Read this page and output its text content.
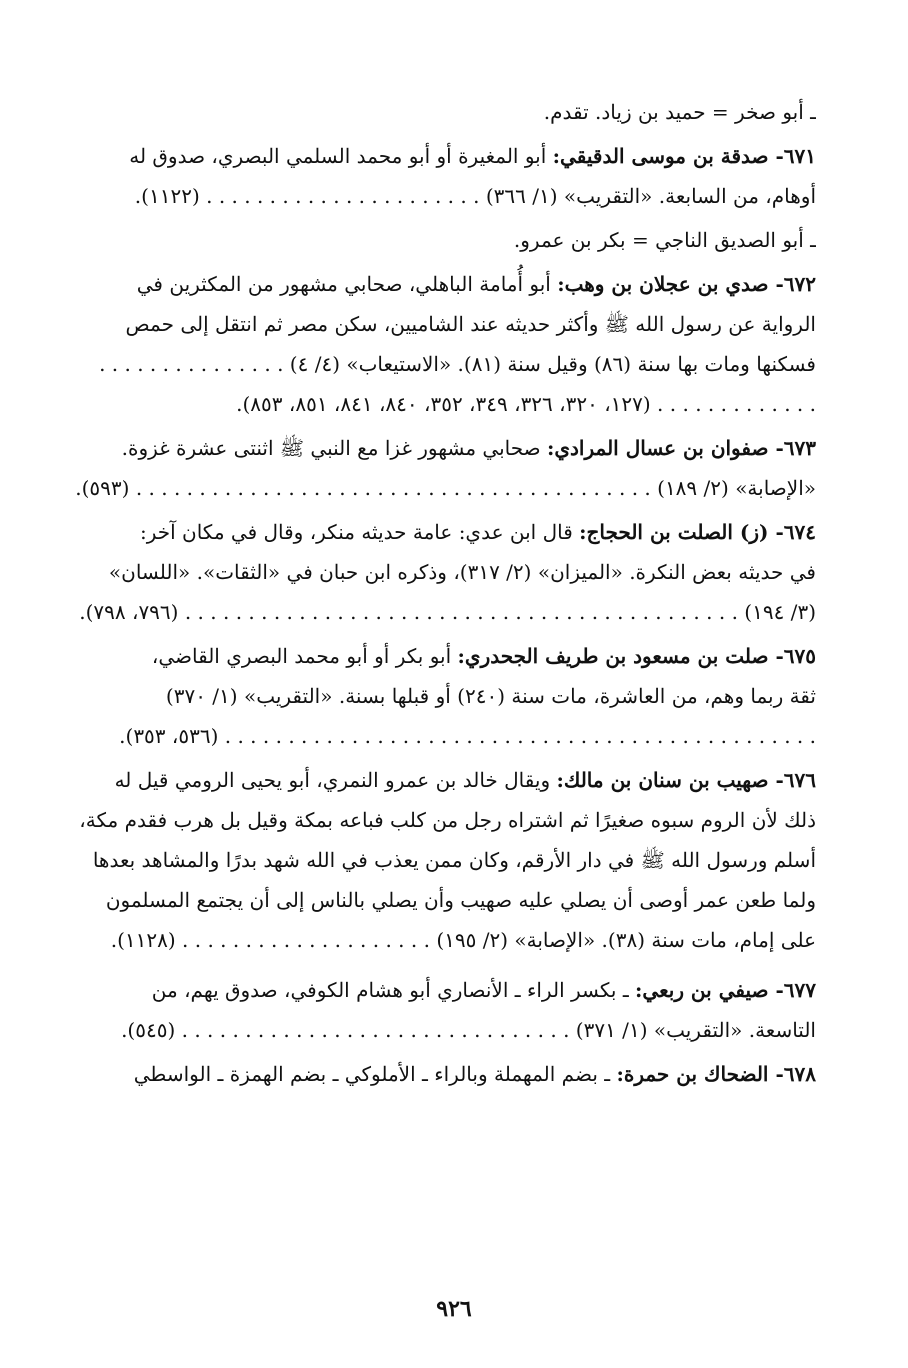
ـ أبو صخر = حميد بن زياد. تقدم.
٦٧١- صدقة بن موسى الدقيقي: أبو المغيرة أو أبو محمد السلمي البصري، صدوق له
أوهام، من السابعة. «التقريب» (١/ ٣٦٦) . . . . . . . . . . . . . . . . . . . . . . (١١٢٢).
ـ أبو الصديق الناجي = بكر بن عمرو.
٦٧٢- صدي بن عجلان بن وهب: أبو أُمامة الباهلي، صحابي مشهور من المكثرين في
الرواية عن رسول الله ﷺ وأكثر حديثه عند الشاميين، سكن مصر ثم انتقل إلى حمص
فسكنها ومات بها سنة (٨٦) وقيل سنة (٨١). «الاستيعاب» (٤/ ٤) . . . . . . . . . . . . . . .
. . . . . . . . . . . . . (١٢٧، ٣٢٠، ٣٢٦، ٣٤٩، ٣٥٢، ٨٤٠، ٨٤١، ٨٥١، ٨٥٣).
٦٧٣- صفوان بن عسال المرادي: صحابي مشهور غزا مع النبي ﷺ اثنتى عشرة غزوة.
«الإصابة» (٢/ ١٨٩) . . . . . . . . . . . . . . . . . . . . . . . . . . . . . . . . . . . . . . . . . (٥٩٣).
٦٧٤- (ز) الصلت بن الحجاج: قال ابن عدي: عامة حديثه منكر، وقال في مكان آخر:
في حديثه بعض النكرة. «الميزان» (٢/ ٣١٧)، وذكره ابن حبان في «الثقات». «اللسان»
(٣/ ١٩٤) . . . . . . . . . . . . . . . . . . . . . . . . . . . . . . . . . . . . . . . . . . . . (٧٩٦، ٧٩٨).
٦٧٥- صلت بن مسعود بن طريف الجحدري: أبو بكر أو أبو محمد البصري القاضي،
ثقة ربما وهم، من العاشرة، مات سنة (٢٤٠) أو قبلها بسنة. «التقريب» (١/ ٣٧٠)
. . . . . . . . . . . . . . . . . . . . . . . . . . . . . . . . . . . . . . . . . . . . . . . (٥٣٦، ٣٥٣).
٦٧٦- صهيب بن سنان بن مالك: ويقال خالد بن عمرو النمري، أبو يحيى الرومي قيل له
ذلك لأن الروم سبوه صغيرًا ثم اشتراه رجل من كلب فباعه بمكة وقيل بل هرب فقدم مكة،
أسلم ورسول الله ﷺ في دار الأرقم، وكان ممن يعذب في الله شهد بدرًا والمشاهد بعدها
ولما طعن عمر أوصى أن يصلي عليه صهيب وأن يصلي بالناس إلى أن يجتمع المسلمون
على إمام، مات سنة (٣٨). «الإصابة» (٢/ ١٩٥) . . . . . . . . . . . . . . . . . . . . (١١٢٨).
٦٧٧- صيفي بن ربعي: ـ بكسر الراء ـ الأنصاري أبو هشام الكوفي، صدوق يهم، من
التاسعة. «التقريب» (١/ ٣٧١) . . . . . . . . . . . . . . . . . . . . . . . . . . . . . . . (٥٤٥).
٦٧٨- الضحاك بن حمرة: ـ بضم المهملة وبالراء ـ الأملوكي ـ بضم الهمزة ـ الواسطي
٩٢٦
